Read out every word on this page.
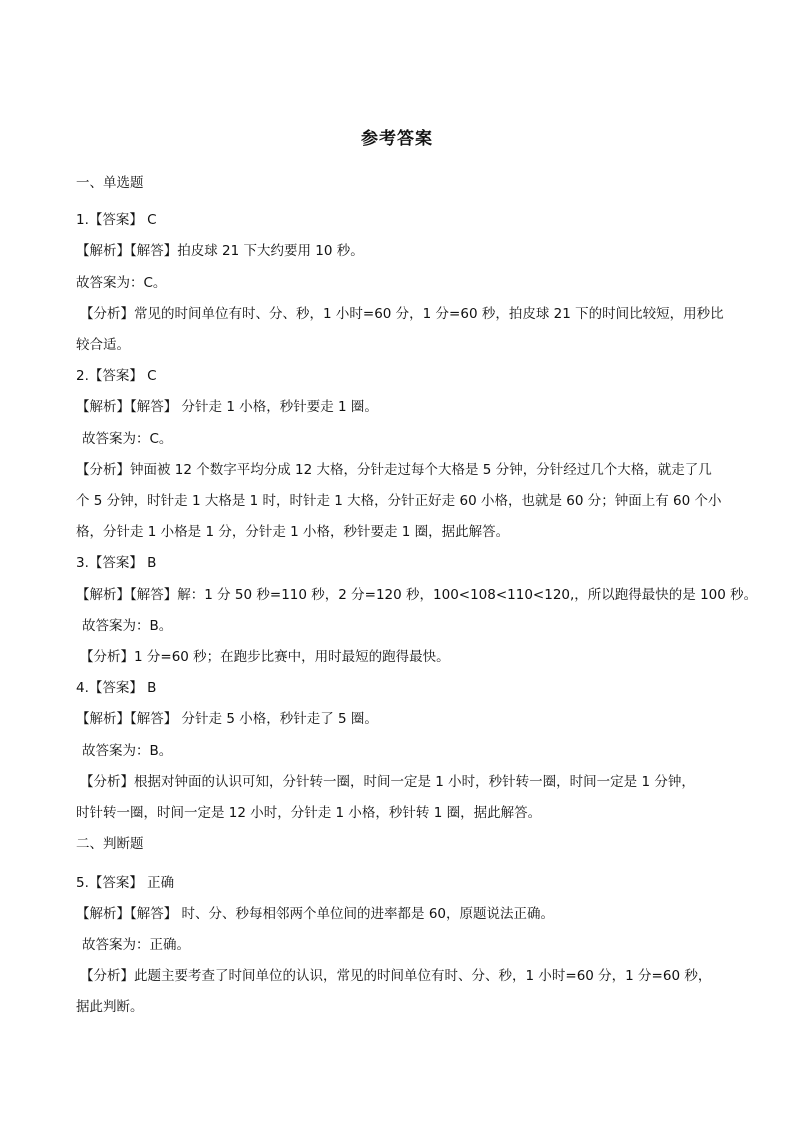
参考答案
一、单选题
1.【答案】 C
【解析】【解答】拍皮球 21 下大约要用 10 秒。
故答案为：C。
【分析】常见的时间单位有时、分、秒，1 小时=60 分，1 分=60 秒，拍皮球 21 下的时间比较短，用秒比
较合适。
2.【答案】 C
【解析】【解答】 分针走 1 小格，秒针要走 1 圈。
故答案为：C。
【分析】钟面被 12 个数字平均分成 12 大格，分针走过每个大格是 5 分钟，分针经过几个大格，就走了几
个 5 分钟，时针走 1 大格是 1 时，时针走 1 大格，分针正好走 60 小格，也就是 60 分；钟面上有 60 个小
格，分针走 1 小格是 1 分，分针走 1 小格，秒针要走 1 圈，据此解答。
3.【答案】 B
【解析】【解答】解：1 分 50 秒=110 秒，2 分=120 秒，100<108<110<120,，所以跑得最快的是 100 秒。
故答案为：B。
【分析】1 分=60 秒；在跑步比赛中，用时最短的跑得最快。
4.【答案】 B
【解析】【解答】 分针走 5 小格，秒针走了 5 圈。
故答案为：B。
【分析】根据对钟面的认识可知，分针转一圈，时间一定是 1 小时，秒针转一圈，时间一定是 1 分钟，
时针转一圈，时间一定是 12 小时，分针走 1 小格，秒针转 1 圈，据此解答。
二、判断题
5.【答案】 正确
【解析】【解答】 时、分、秒每相邻两个单位间的进率都是 60，原题说法正确。
故答案为：正确。
【分析】此题主要考查了时间单位的认识，常见的时间单位有时、分、秒，1 小时=60 分，1 分=60 秒，
据此判断。
